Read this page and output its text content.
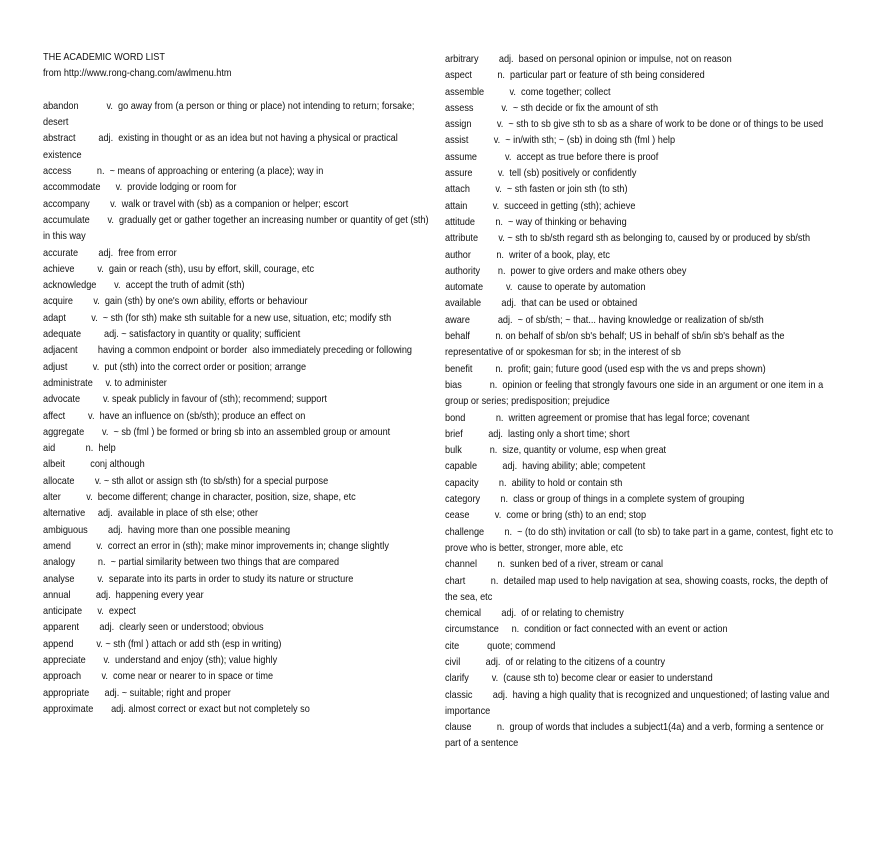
THE ACADEMIC WORD LIST
from http://www.rong-chang.com/awlmenu.htm
abandon           v.  go away from (a person or thing or place) not intending to return; forsake; desert
abstract         adj.  existing in thought or as an idea but not having a physical or practical existence
access          n.  ~ means of approaching or entering (a place); way in
accommodate      v.  provide lodging or room for
accompany        v.  walk or travel with (sb) as a companion or helper; escort
accumulate       v.  gradually get or gather together an increasing number or quantity of get (sth) in this way
accurate        adj.  free from error
achieve         v.  gain or reach (sth), usu by effort, skill, courage, etc
acknowledge       v.  accept the truth of admit (sth)
acquire        v.  gain (sth) by one's own ability, efforts or behaviour
adapt          v.  ~ sth (for sth) make sth suitable for a new use, situation, etc; modify sth
adequate         adj. ~ satisfactory in quantity or quality; sufficient
adjacent        having a common endpoint or border  also immediately preceding or following
adjust          v.  put (sth) into the correct order or position; arrange
administrate     v. to administer
advocate         v. speak publicly in favour of (sth); recommend; support
affect         v.  have an influence on (sb/sth); produce an effect on
aggregate       v.  ~ sb (fml ) be formed or bring sb into an assembled group or amount
aid            n.  help
albeit          conj although
allocate        v. ~ sth allot or assign sth (to sb/sth) for a special purpose
alter          v.  become different; change in character, position, size, shape, etc
alternative     adj.  available in place of sth else; other
ambiguous        adj.  having more than one possible meaning
amend          v.  correct an error in (sth); make minor improvements in; change slightly
analogy         n.  ~ partial similarity between two things that are compared
analyse         v.  separate into its parts in order to study its nature or structure
annual          adj.  happening every year
anticipate      v.  expect
apparent        adj.  clearly seen or understood; obvious
append         v. ~ sth (fml ) attach or add sth (esp in writing)
appreciate       v.  understand and enjoy (sth); value highly
approach        v.  come near or nearer to in space or time
appropriate      adj. ~ suitable; right and proper
approximate       adj. almost correct or exact but not completely so
arbitrary        adj.  based on personal opinion or impulse, not on reason
aspect          n.  particular part or feature of sth being considered
assemble          v.  come together; collect
assess           v.  ~ sth decide or fix the amount of sth
assign          v.  ~ sth to sb give sth to sb as a share of work to be done or of things to be used
assist          v.  ~ in/with sth; ~ (sb) in doing sth (fml ) help
assume           v.  accept as true before there is proof
assure          v.  tell (sb) positively or confidently
attach          v.  ~ sth fasten or join sth (to sth)
attain          v.  succeed in getting (sth); achieve
attitude        n.  ~ way of thinking or behaving
attribute        v. ~ sth to sb/sth regard sth as belonging to, caused by or produced by sb/sth
author          n.  writer of a book, play, etc
authority       n.  power to give orders and make others obey
automate         v.  cause to operate by automation
available        adj.  that can be used or obtained
aware           adj.  ~ of sb/sth; ~ that... having knowledge or realization of sb/sth
behalf          n. on behalf of sb/on sb's behalf; US in behalf of sb/in sb's behalf as the representative of or spokesman for sb; in the interest of sb
benefit         n.  profit; gain; future good (used esp with the vs and preps shown)
bias           n.  opinion or feeling that strongly favours one side in an argument or one item in a group or series; predisposition; prejudice
bond            n.  written agreement or promise that has legal force; covenant
brief          adj.  lasting only a short time; short
bulk           n.  size, quantity or volume, esp when great
capable          adj.  having ability; able; competent
capacity        n.  ability to hold or contain sth
category        n.  class or group of things in a complete system of grouping
cease          v.  come or bring (sth) to an end; stop
challenge        n.  ~ (to do sth) invitation or call (to sb) to take part in a game, contest, fight etc to prove who is better, stronger, more able, etc
channel        n.  sunken bed of a river, stream or canal
chart          n.  detailed map used to help navigation at sea, showing coasts, rocks, the depth of the sea, etc
chemical        adj.  of or relating to chemistry
circumstance     n.  condition or fact connected with an event or action
cite           quote; commend
civil          adj.  of or relating to the citizens of a country
clarify         v.  (cause sth to) become clear or easier to understand
classic        adj.  having a high quality that is recognized and unquestioned; of lasting value and importance
clause          n.  group of words that includes a subject1(4a) and a verb, forming a sentence or part of a sentence
